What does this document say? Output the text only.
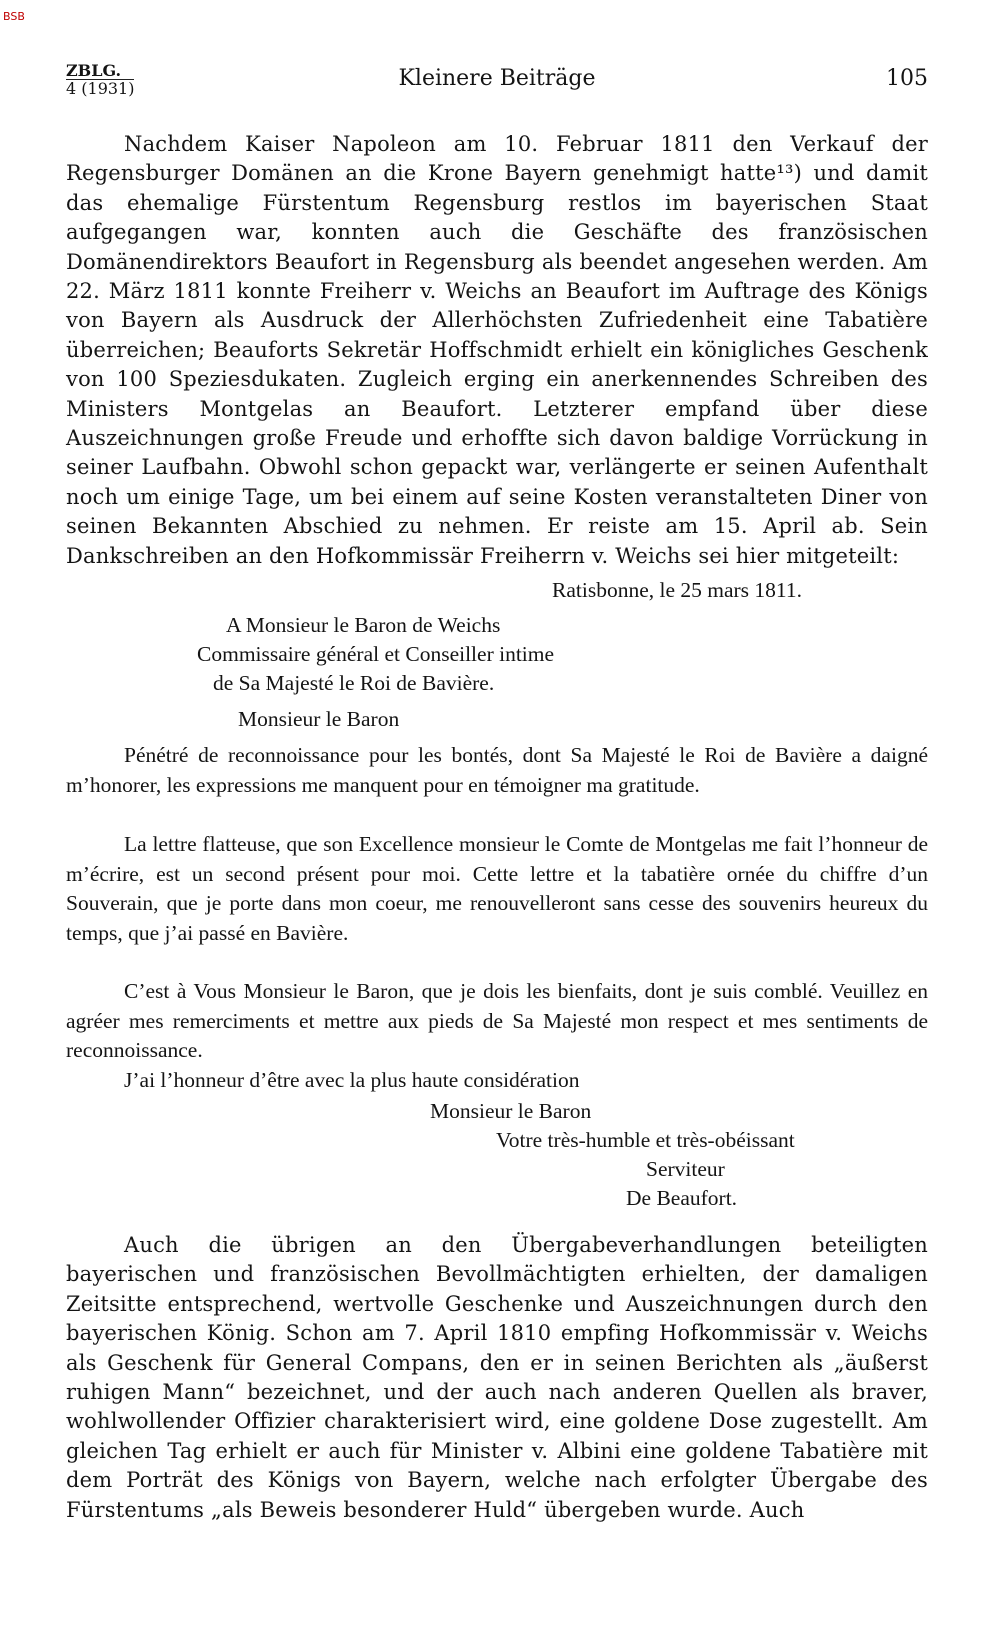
BSB
ZBLG.
4 (1931)	Kleinere Beiträge	105

Nachdem Kaiser Napoleon am 10. Februar 1811 den Verkauf der Regensburger Domänen an die Krone Bayern genehmigt hatte¹³) und damit das ehemalige Fürstentum Regensburg restlos im bayerischen Staat aufgegangen war, konnten auch die Geschäfte des französischen Domänendirektors Beaufort in Regensburg als beendet angesehen werden. Am 22. März 1811 konnte Freiherr v. Weichs an Beaufort im Auftrage des Königs von Bayern als Ausdruck der Allerhöchsten Zufriedenheit eine Tabatière überreichen; Beauforts Sekretär Hoffschmidt erhielt ein königliches Geschenk von 100 Speziesdukaten. Zugleich erging ein anerkennendes Schreiben des Ministers Montgelas an Beaufort. Letzterer empfand über diese Auszeichnungen große Freude und erhoffte sich davon baldige Vorrückung in seiner Laufbahn. Obwohl schon gepackt war, verlängerte er seinen Aufenthalt noch um einige Tage, um bei einem auf seine Kosten veranstalteten Diner von seinen Bekannten Abschied zu nehmen. Er reiste am 15. April ab. Sein Dankschreiben an den Hofkommissär Freiherrn v. Weichs sei hier mitgeteilt:

Ratisbonne, le 25 mars 1811.
A Monsieur le Baron de Weichs
Commissaire général et Conseiller intime
de Sa Majesté le Roi de Bavière.
Monsieur le Baron

Pénétré de reconnoissance pour les bontés, dont Sa Majesté le Roi de Bavière a daigné m’honorer, les expressions me manquent pour en témoigner ma gratitude.

La lettre flatteuse, que son Excellence monsieur le Comte de Montgelas me fait l’honneur de m’écrire, est un second présent pour moi. Cette lettre et la tabatière ornée du chiffre d’un Souverain, que je porte dans mon coeur, me renouvelleront sans cesse des souvenirs heureux du temps, que j’ai passé en Bavière.

C’est à Vous Monsieur le Baron, que je dois les bienfaits, dont je suis comblé. Veuillez en agréer mes remerciments et mettre aux pieds de Sa Majesté mon respect et mes sentiments de reconnoissance.

J’ai l’honneur d’être avec la plus haute considération

Monsieur le Baron
Votre très-humble et très-obéissant
Serviteur
De Beaufort.

Auch die übrigen an den Übergabeverhandlungen beteiligten bayerischen und französischen Bevollmächtigten erhielten, der damaligen Zeitsitte entsprechend, wertvolle Geschenke und Auszeichnungen durch den bayerischen König. Schon am 7. April 1810 empfing Hofkommissär v. Weichs als Geschenk für General Compans, den er in seinen Berichten als „äußerst ruhigen Mann“ bezeichnet, und der auch nach anderen Quellen als braver, wohlwollender Offizier charakterisiert wird, eine goldene Dose zugestellt. Am gleichen Tag erhielt er auch für Minister v. Albini eine goldene Tabatière mit dem Porträt des Königs von Bayern, welche nach erfolgter Übergabe des Fürstentums „als Beweis besonderer Huld“ übergeben wurde. Auch
